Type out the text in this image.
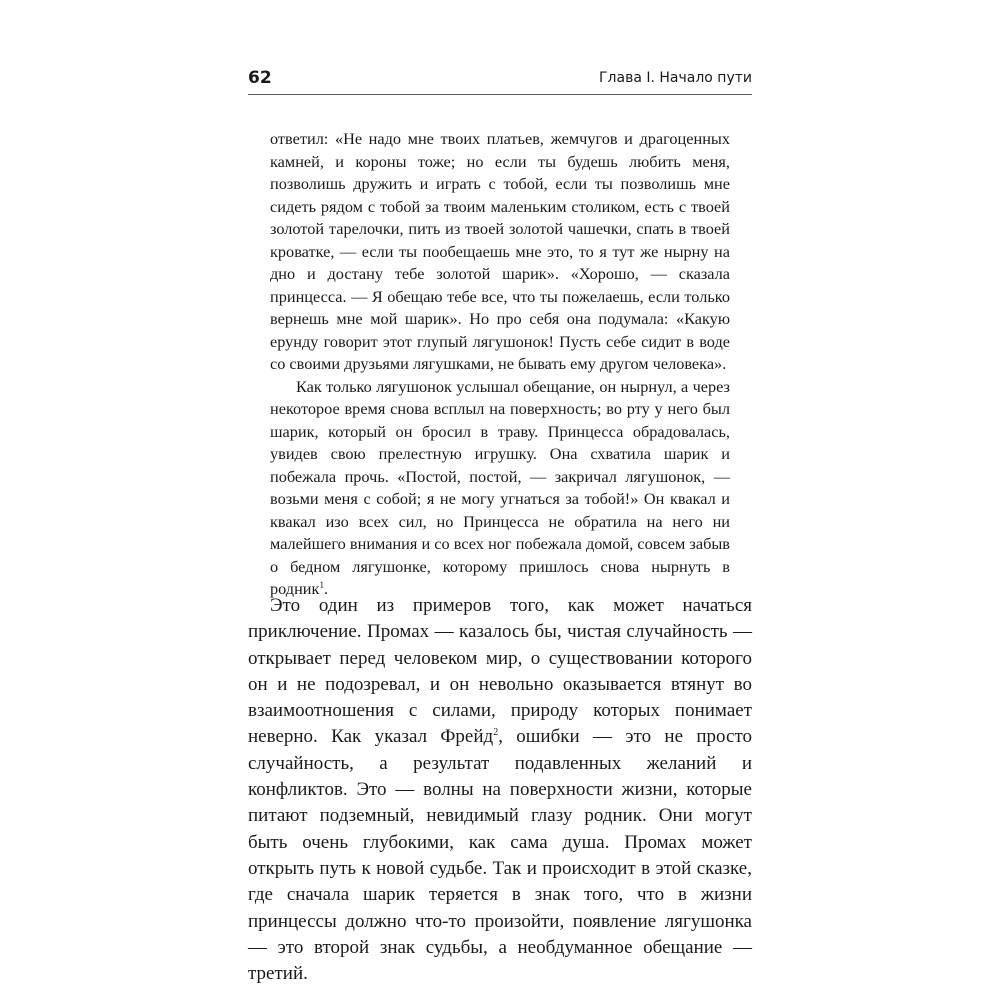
62	Глава I. Начало пути

ответил: «Не надо мне твоих платьев, жемчугов и драгоценных камней, и короны тоже; но если ты будешь любить меня, позволишь дружить и играть с тобой, если ты позволишь мне сидеть рядом с тобой за твоим маленьким столиком, есть с твоей золотой тарелочки, пить из твоей золотой чашечки, спать в твоей кроватке, — если ты пообещаешь мне это, то я тут же нырну на дно и достану тебе золотой шарик». «Хорошо, — сказала принцесса. — Я обещаю тебе все, что ты пожелаешь, если только вернешь мне мой шарик». Но про себя она подумала: «Какую ерунду говорит этот глупый лягушонок! Пусть себе сидит в воде со своими друзьями лягушками, не бывать ему другом человека».

Как только лягушонок услышал обещание, он нырнул, а через некоторое время снова всплыл на поверхность; во рту у него был шарик, который он бросил в траву. Принцесса обрадовалась, увидев свою прелестную игрушку. Она схватила шарик и побежала прочь. «Постой, постой, — закричал лягушонок, — возьми меня с собой; я не могу угнаться за тобой!» Он квакал и квакал изо всех сил, но Принцесса не обратила на него ни малейшего внимания и со всех ног побежала домой, совсем забыв о бедном лягушонке, которому пришлось снова нырнуть в родник$^1$.

Это один из примеров того, как может начаться приключение. Промах — казалось бы, чистая случайность — открывает перед человеком мир, о существовании которого он и не подозревал, и он невольно оказывается втянут во взаимоотношения с силами, природу которых понимает неверно. Как указал Фрейд$^2$, ошибки — это не просто случайность, а результат подавленных желаний и конфликтов. Это — волны на поверхности жизни, которые питают подземный, невидимый глазу родник. Они могут быть очень глубокими, как сама душа. Промах может открыть путь к новой судьбе. Так и происходит в этой сказке, где сначала шарик теряется в знак того, что в жизни принцессы должно что-то произойти, появление лягушонка — это второй знак судьбы, а необдуманное обещание — третий.
